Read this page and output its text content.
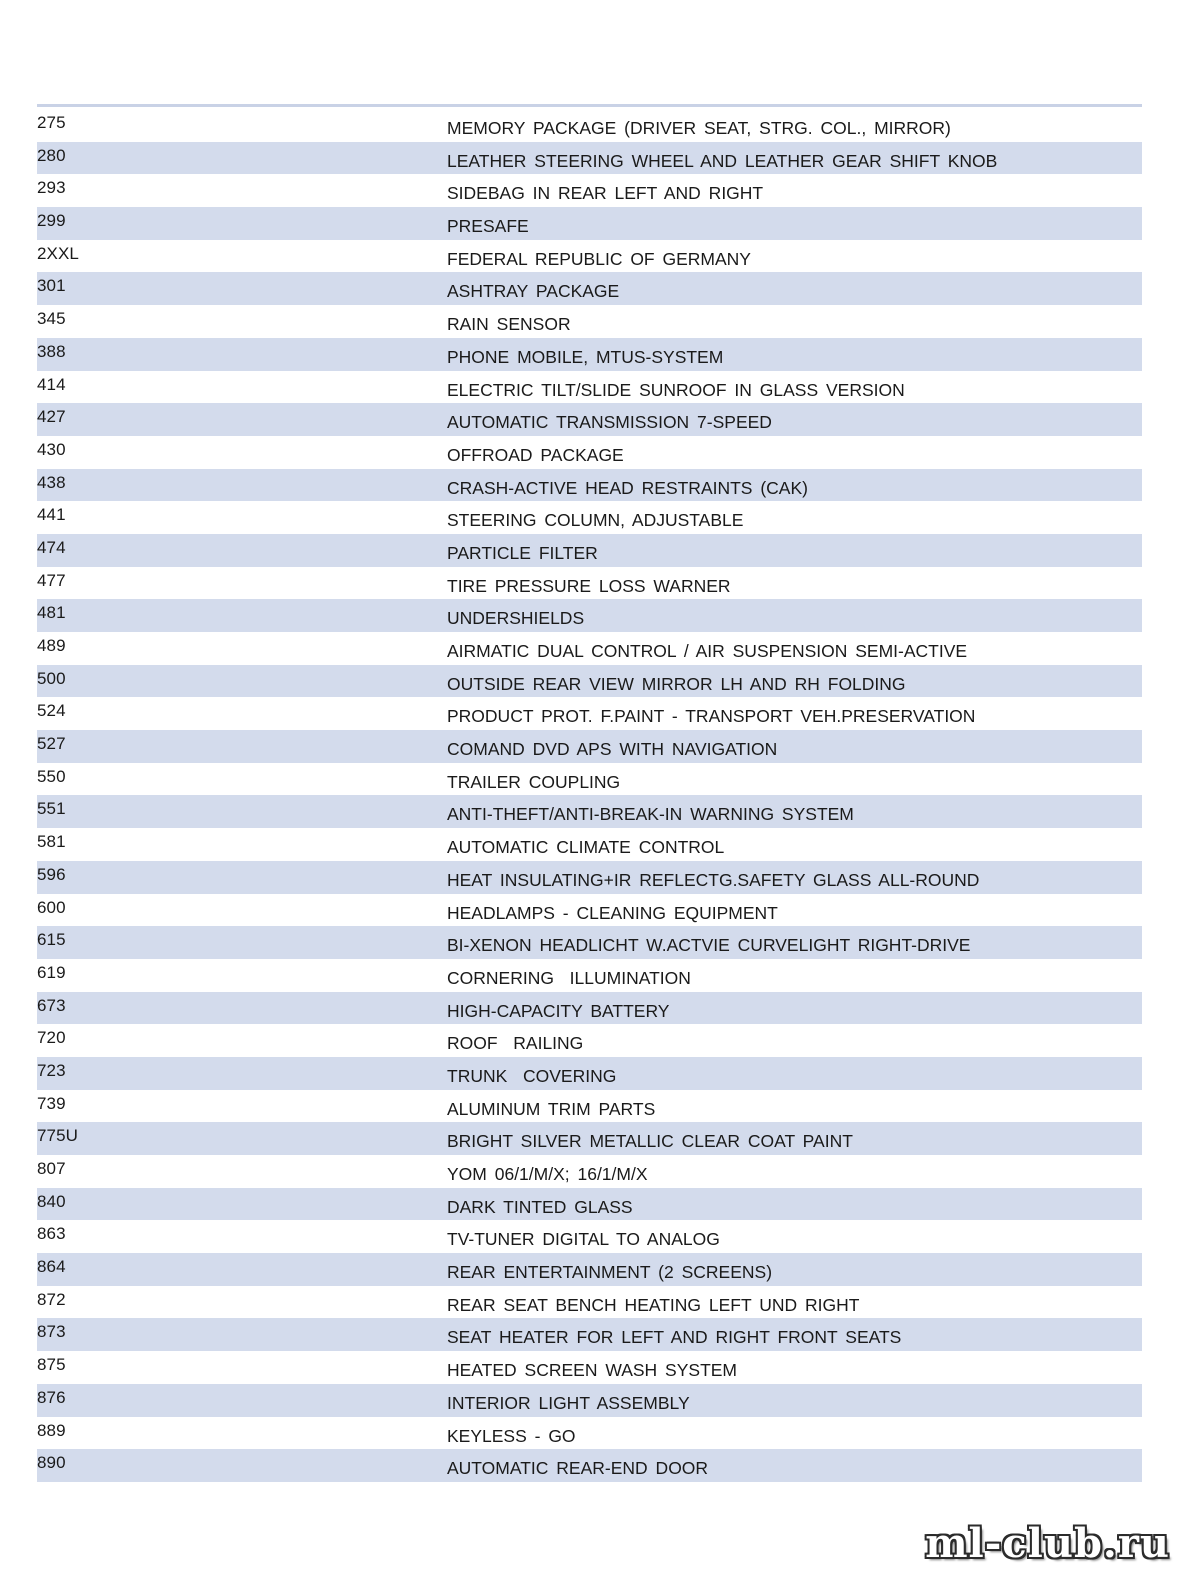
275	MEMORY PACKAGE (DRIVER SEAT, STRG. COL., MIRROR)
280	LEATHER STEERING WHEEL AND LEATHER GEAR SHIFT KNOB
293	SIDEBAG IN REAR LEFT AND RIGHT
299	PRESAFE
2XXL	FEDERAL REPUBLIC OF GERMANY
301	ASHTRAY PACKAGE
345	RAIN SENSOR
388	PHONE MOBILE, MTUS-SYSTEM
414	ELECTRIC TILT/SLIDE SUNROOF IN GLASS VERSION
427	AUTOMATIC TRANSMISSION 7-SPEED
430	OFFROAD PACKAGE
438	CRASH-ACTIVE HEAD RESTRAINTS (CAK)
441	STEERING COLUMN, ADJUSTABLE
474	PARTICLE FILTER
477	TIRE PRESSURE LOSS WARNER
481	UNDERSHIELDS
489	AIRMATIC DUAL CONTROL / AIR SUSPENSION SEMI-ACTIVE
500	OUTSIDE REAR VIEW MIRROR LH AND RH FOLDING
524	PRODUCT PROT. F.PAINT - TRANSPORT VEH.PRESERVATION
527	COMAND DVD APS WITH NAVIGATION
550	TRAILER COUPLING
551	ANTI-THEFT/ANTI-BREAK-IN WARNING SYSTEM
581	AUTOMATIC CLIMATE CONTROL
596	HEAT INSULATING+IR REFLECTG.SAFETY GLASS ALL-ROUND
600	HEADLAMPS - CLEANING EQUIPMENT
615	BI-XENON HEADLICHT W.ACTVIE CURVELIGHT RIGHT-DRIVE
619	CORNERING  ILLUMINATION
673	HIGH-CAPACITY BATTERY
720	ROOF  RAILING
723	TRUNK  COVERING
739	ALUMINUM TRIM PARTS
775U	BRIGHT SILVER METALLIC CLEAR COAT PAINT
807	YOM 06/1/M/X; 16/1/M/X
840	DARK TINTED GLASS
863	TV-TUNER DIGITAL TO ANALOG
864	REAR ENTERTAINMENT (2 SCREENS)
872	REAR SEAT BENCH HEATING LEFT UND RIGHT
873	SEAT HEATER FOR LEFT AND RIGHT FRONT SEATS
875	HEATED SCREEN WASH SYSTEM
876	INTERIOR LIGHT ASSEMBLY
889	KEYLESS - GO
890	AUTOMATIC REAR-END DOOR
ml-club.ru
